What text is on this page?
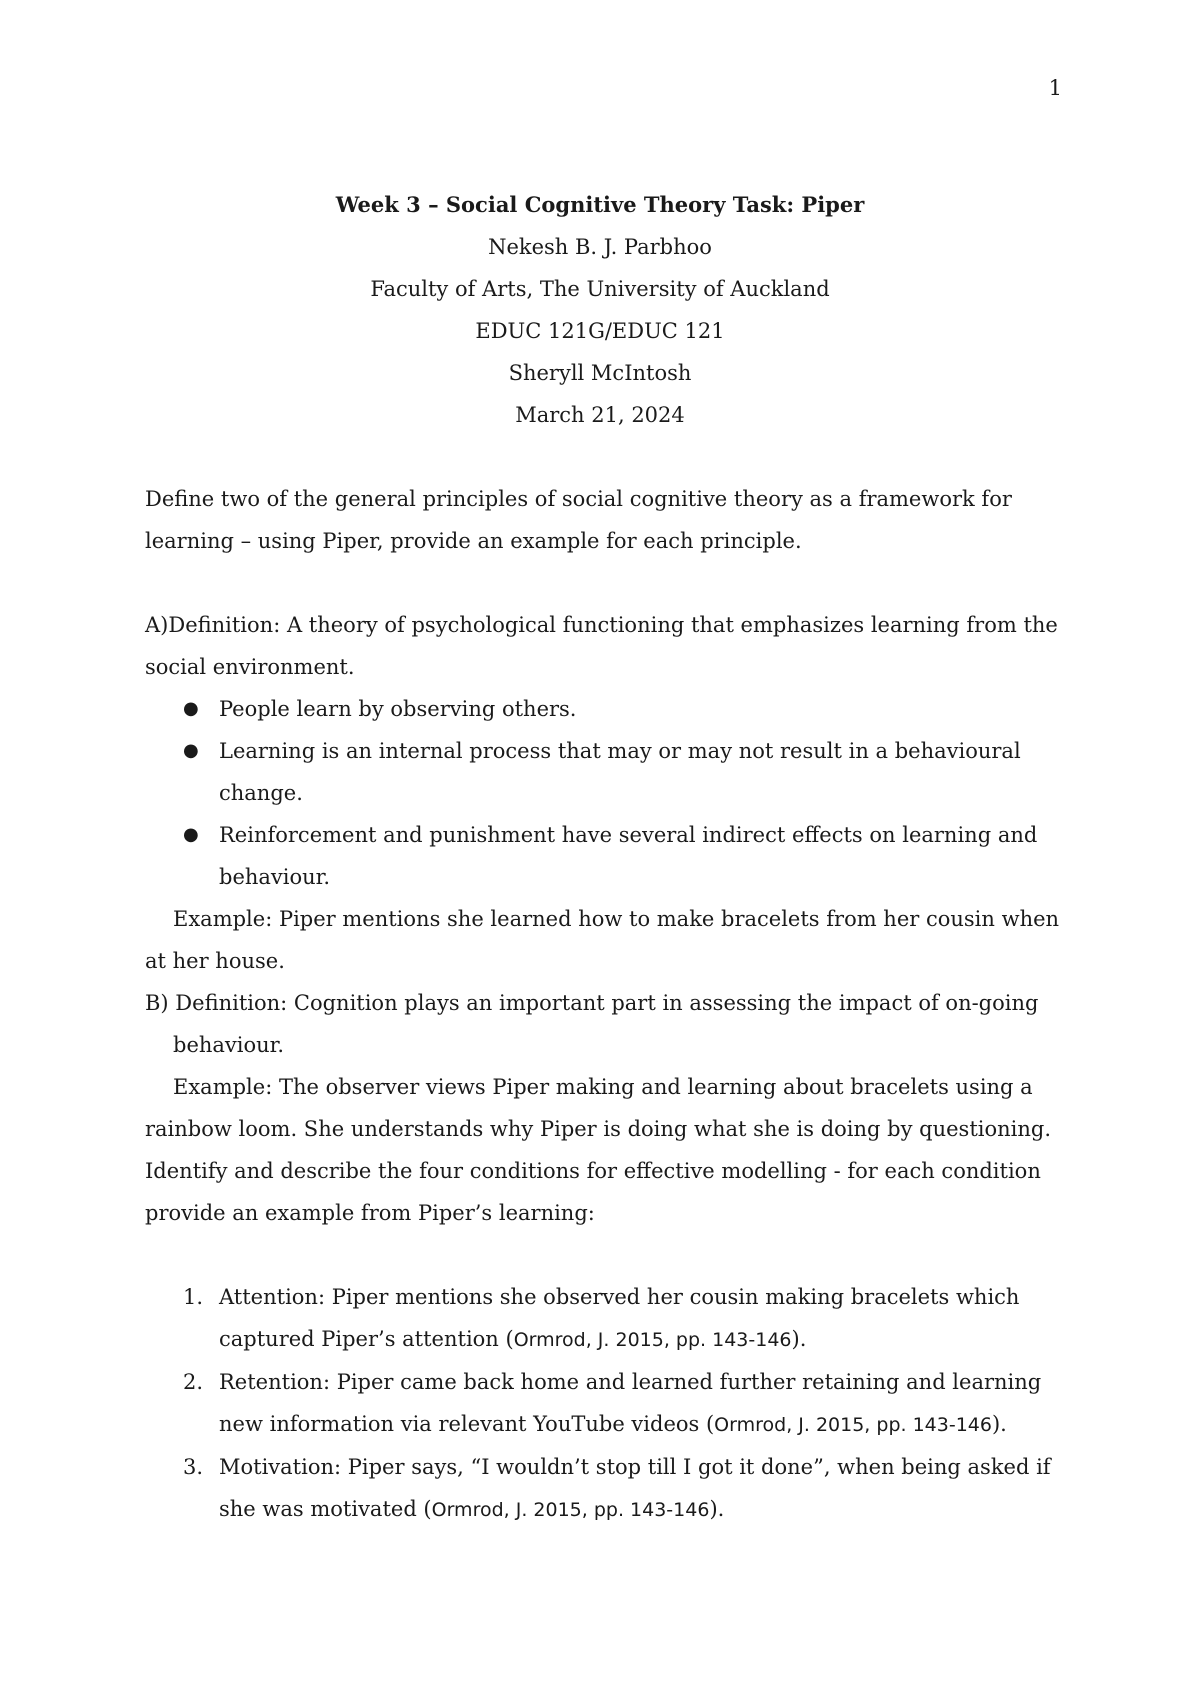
1
Week 3 – Social Cognitive Theory Task: Piper
Nekesh B. J. Parbhoo
Faculty of Arts, The University of Auckland
EDUC 121G/EDUC 121
Sheryll McIntosh
March 21, 2024

Define two of the general principles of social cognitive theory as a framework for learning – using Piper, provide an example for each principle.

A)Definition: A theory of psychological functioning that emphasizes learning from the social environment.

● People learn by observing others.
● Learning is an internal process that may or may not result in a behavioural change.
● Reinforcement and punishment have several indirect effects on learning and behaviour.

Example: Piper mentions she learned how to make bracelets from her cousin when at her house.

B) Definition: Cognition plays an important part in assessing the impact of on-going behaviour.

Example: The observer views Piper making and learning about bracelets using a rainbow loom. She understands why Piper is doing what she is doing by questioning.

Identify and describe the four conditions for effective modelling - for each condition provide an example from Piper’s learning:

1. Attention: Piper mentions she observed her cousin making bracelets which captured Piper’s attention (Ormrod, J. 2015, pp. 143-146).
2. Retention: Piper came back home and learned further retaining and learning new information via relevant YouTube videos (Ormrod, J. 2015, pp. 143-146).
3. Motivation: Piper says, “I wouldn’t stop till I got it done”, when being asked if she was motivated (Ormrod, J. 2015, pp. 143-146).
